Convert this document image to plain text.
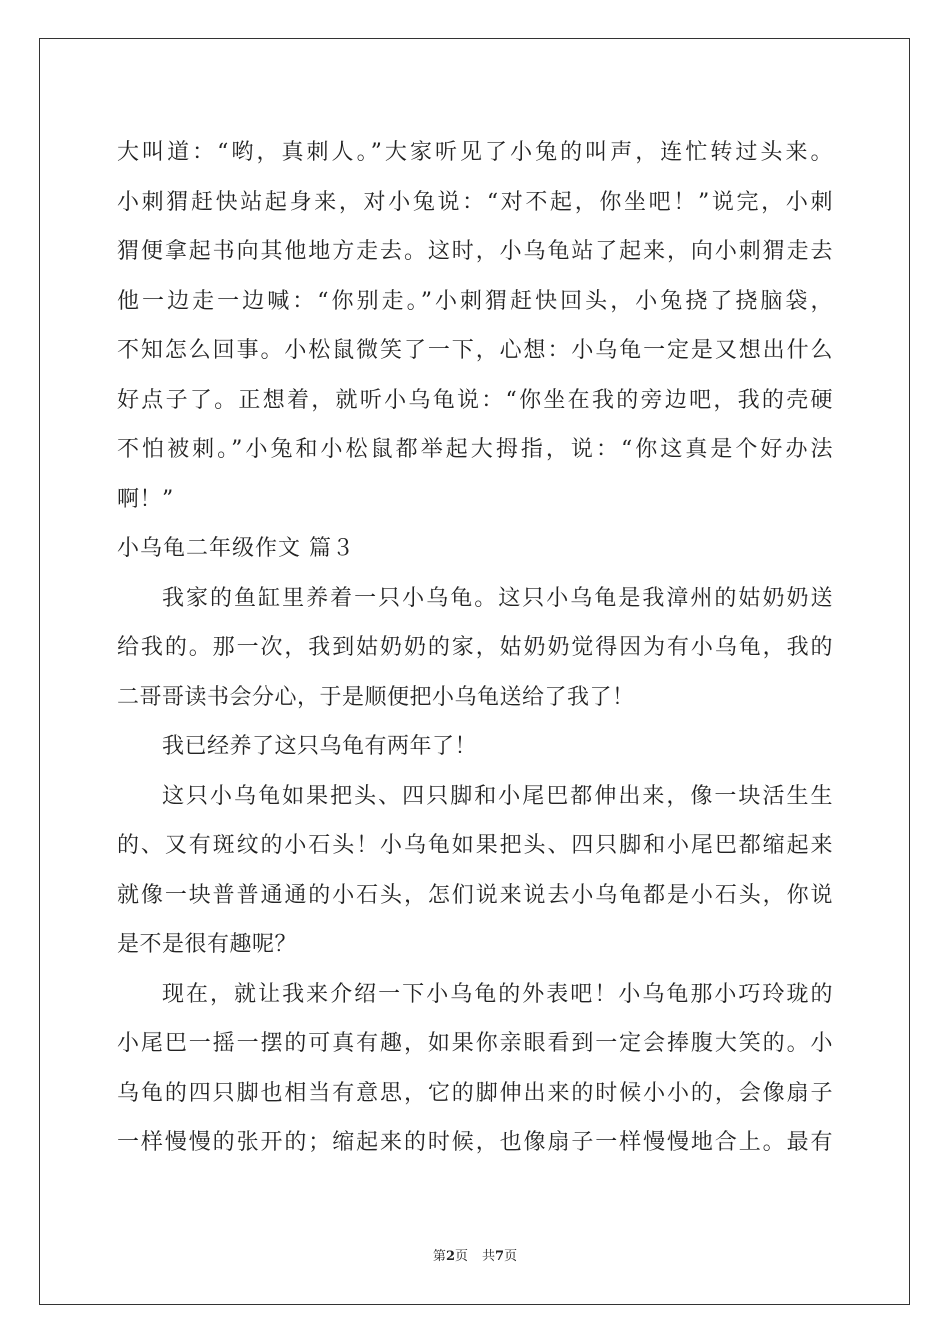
大叫道：“哟，真刺人。”大家听见了小兔的叫声，连忙转过头来。
小刺猬赶快站起身来，对小兔说：“对不起，你坐吧！”说完，小刺
猬便拿起书向其他地方走去。这时，小乌龟站了起来，向小刺猬走去
他一边走一边喊：“你别走。”小刺猬赶快回头，小兔挠了挠脑袋，
不知怎么回事。小松鼠微笑了一下，心想：小乌龟一定是又想出什么
好点子了。正想着，就听小乌龟说：“你坐在我的旁边吧，我的壳硬
不怕被刺。”小兔和小松鼠都举起大拇指，说：“你这真是个好办法
啊！”
小乌龟二年级作文 篇３
我家的鱼缸里养着一只小乌龟。这只小乌龟是我漳州的姑奶奶送
给我的。那一次，我到姑奶奶的家，姑奶奶觉得因为有小乌龟，我的
二哥哥读书会分心，于是顺便把小乌龟送给了我了！
我已经养了这只乌龟有两年了！
这只小乌龟如果把头、四只脚和小尾巴都伸出来，像一块活生生
的、又有斑纹的小石头！小乌龟如果把头、四只脚和小尾巴都缩起来
就像一块普普通通的小石头，怎们说来说去小乌龟都是小石头，你说
是不是很有趣呢？
现在，就让我来介绍一下小乌龟的外表吧！小乌龟那小巧玲珑的
小尾巴一摇一摆的可真有趣，如果你亲眼看到一定会捧腹大笑的。小
乌龟的四只脚也相当有意思，它的脚伸出来的时候小小的，会像扇子
一样慢慢的张开的；缩起来的时候，也像扇子一样慢慢地合上。最有
第2页 共7页
